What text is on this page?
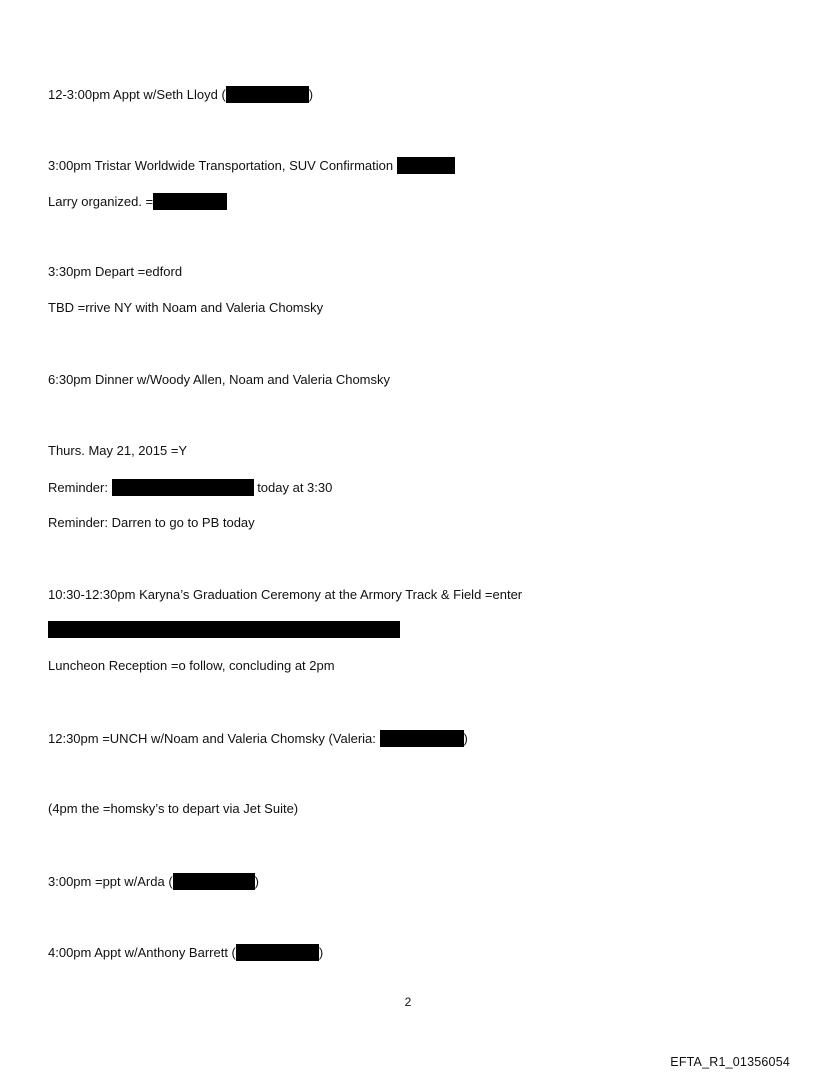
12-3:00pm Appt w/Seth Lloyd (	)
3:00pm Tristar Worldwide Transportation, SUV Confirmation
Larry organized. =
3:30pm Depart =edford
TBD =rrive NY with Noam and Valeria Chomsky
6:30pm Dinner w/Woody Allen, Noam and Valeria Chomsky
Thurs. May 21, 2015 =Y
Reminder:	today at 3:30
Reminder: Darren to go to PB today
10:30-12:30pm Karyna’s Graduation Ceremony at the Armory Track & Field =enter
Luncheon Reception =o follow, concluding at 2pm
12:30pm =UNCH w/Noam and Valeria Chomsky (Valeria:	)
(4pm the =homsky’s to depart via Jet Suite)
3:00pm =ppt w/Arda (	)
4:00pm Appt w/Anthony Barrett (	)
2
EFTA_R1_01356054
